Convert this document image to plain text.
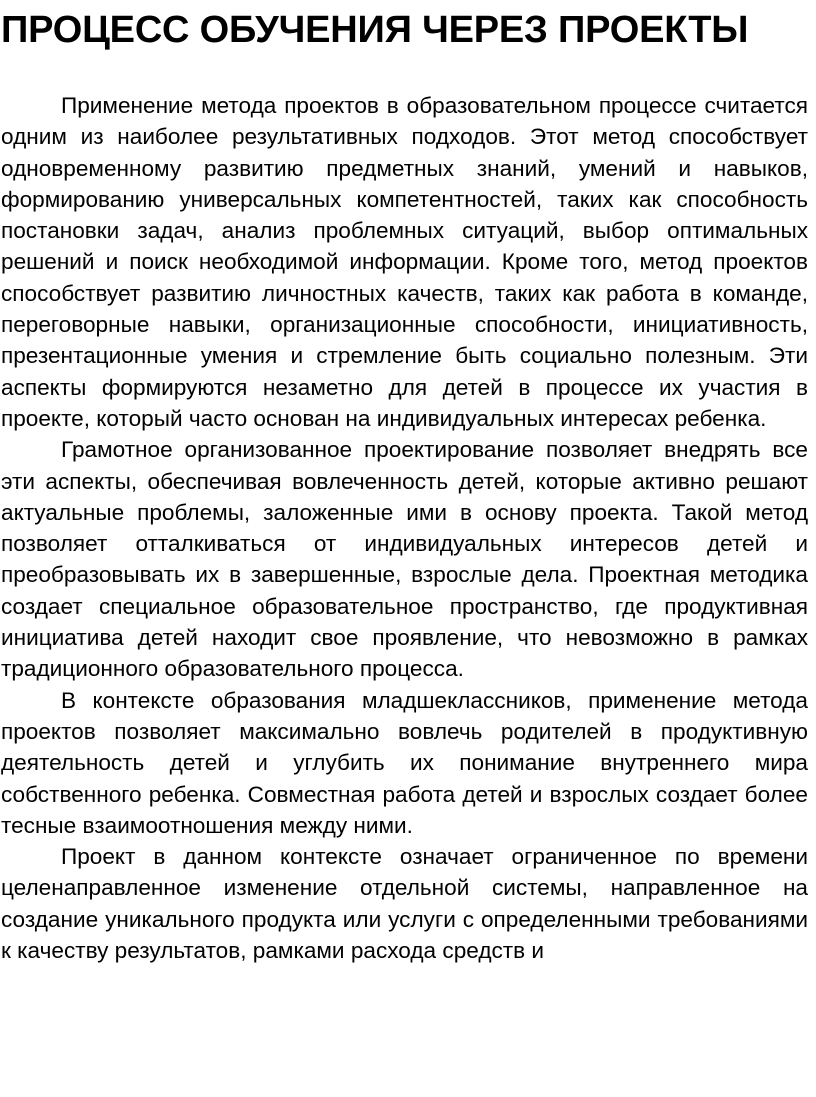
ПРОЦЕСС ОБУЧЕНИЯ ЧЕРЕЗ ПРОЕКТЫ

Применение метода проектов в образовательном процессе считается одним из наиболее результативных подходов. Этот метод способствует одновременному развитию предметных знаний, умений и навыков, формированию универсальных компетентностей, таких как способность постановки задач, анализ проблемных ситуаций, выбор оптимальных решений и поиск необходимой информации. Кроме того, метод проектов способствует развитию личностных качеств, таких как работа в команде, переговорные навыки, организационные способности, инициативность, презентационные умения и стремление быть социально полезным. Эти аспекты формируются незаметно для детей в процессе их участия в проекте, который часто основан на индивидуальных интересах ребенка.

Грамотное организованное проектирование позволяет внедрять все эти аспекты, обеспечивая вовлеченность детей, которые активно решают актуальные проблемы, заложенные ими в основу проекта. Такой метод позволяет отталкиваться от индивидуальных интересов детей и преобразовывать их в завершенные, взрослые дела. Проектная методика создает специальное образовательное пространство, где продуктивная инициатива детей находит свое проявление, что невозможно в рамках традиционного образовательного процесса.

В контексте образования младшеклассников, применение метода проектов позволяет максимально вовлечь родителей в продуктивную деятельность детей и углубить их понимание внутреннего мира собственного ребенка. Совместная работа детей и взрослых создает более тесные взаимоотношения между ними.

Проект в данном контексте означает ограниченное по времени целенаправленное изменение отдельной системы, направленное на создание уникального продукта или услуги с определенными требованиями к качеству результатов, рамками расхода средств и
